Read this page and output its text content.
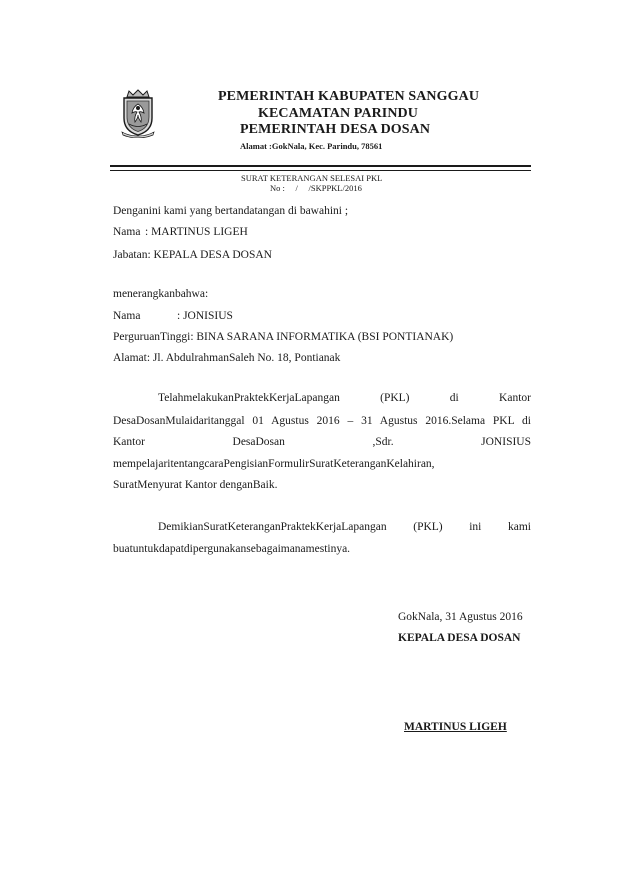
PEMERINTAH KABUPATEN SANGGAU
KECAMATAN PARINDU
PEMERINTAH DESA DOSAN
Alamat :GokNala, Kec. Parindu, 78561
SURAT KETERANGAN SELESAI PKL
No :     /     /SKPPKL/2016
Denganini kami yang bertandatangan di bawahini ;
Nama : MARTINUS LIGEH
Jabatan: KEPALA DESA DOSAN
menerangkanbahwa:
Nama	: JONISIUS
PerguruanTinggi: BINA SARANA INFORMATIKA (BSI PONTIANAK)
Alamat: Jl. AbdulrahmanSaleh No. 18, Pontianak
TelahmelakukanPraktekKerjaLapangan (PKL) di Kantor
DesaDosanMulaidaritanggal 01 Agustus 2016 – 31 Agustus 2016.Selama PKL di
Kantor DesaDosan ,Sdr. JONISIUS
mempelajaritentangcaraPengisianFormulirSuratKeteranganKelahiran,
SuratMenyurat Kantor denganBaik.
DemikianSuratKeteranganPraktekKerjaLapangan (PKL) ini kami
buatuntukdapatdipergunakansebagaimanamestinya.
GokNala, 31 Agustus 2016
KEPALA DESA DOSAN
MARTINUS LIGEH
